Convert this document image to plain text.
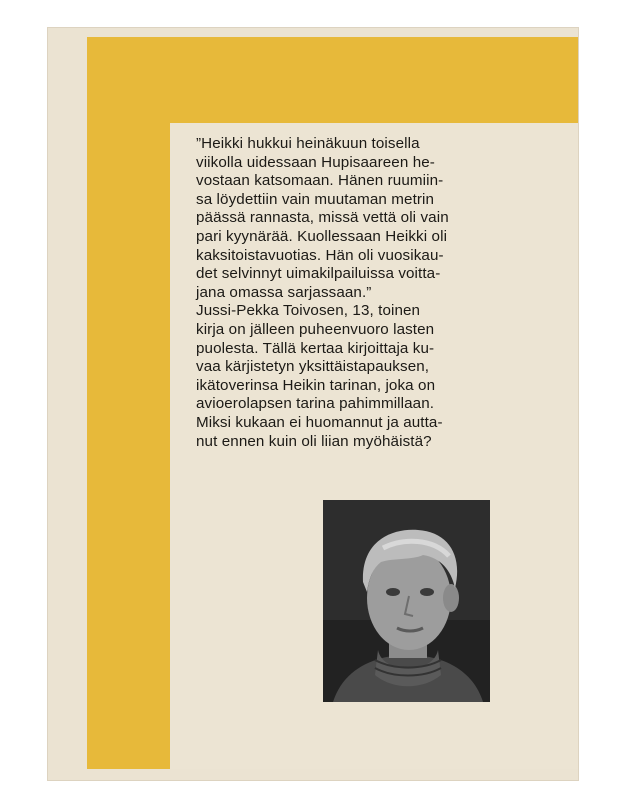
”Heikki hukkui heinäkuun toisella
viikolla uidessaan Hupisaareen he-
vostaan katsomaan. Hänen ruumiin-
sa löydettiin vain muutaman metrin
päässä rannasta, missä vettä oli vain
pari kyynärää. Kuollessaan Heikki oli
kaksitoistavuotias. Hän oli vuosikau-
det selvinnyt uimakilpailuissa voitta-
jana omassa sarjassaan.”

Jussi-Pekka Toivosen, 13, toinen
kirja on jälleen puheenvuoro lasten
puolesta. Tällä kertaa kirjoittaja ku-
vaa kärjistetyn yksittäistapauksen,
ikätoverinsa Heikin tarinan, joka on
avioerolapsen tarina pahimmillaan.
Miksi kukaan ei huomannut ja autta-
nut ennen kuin oli liian myöhäistä?
